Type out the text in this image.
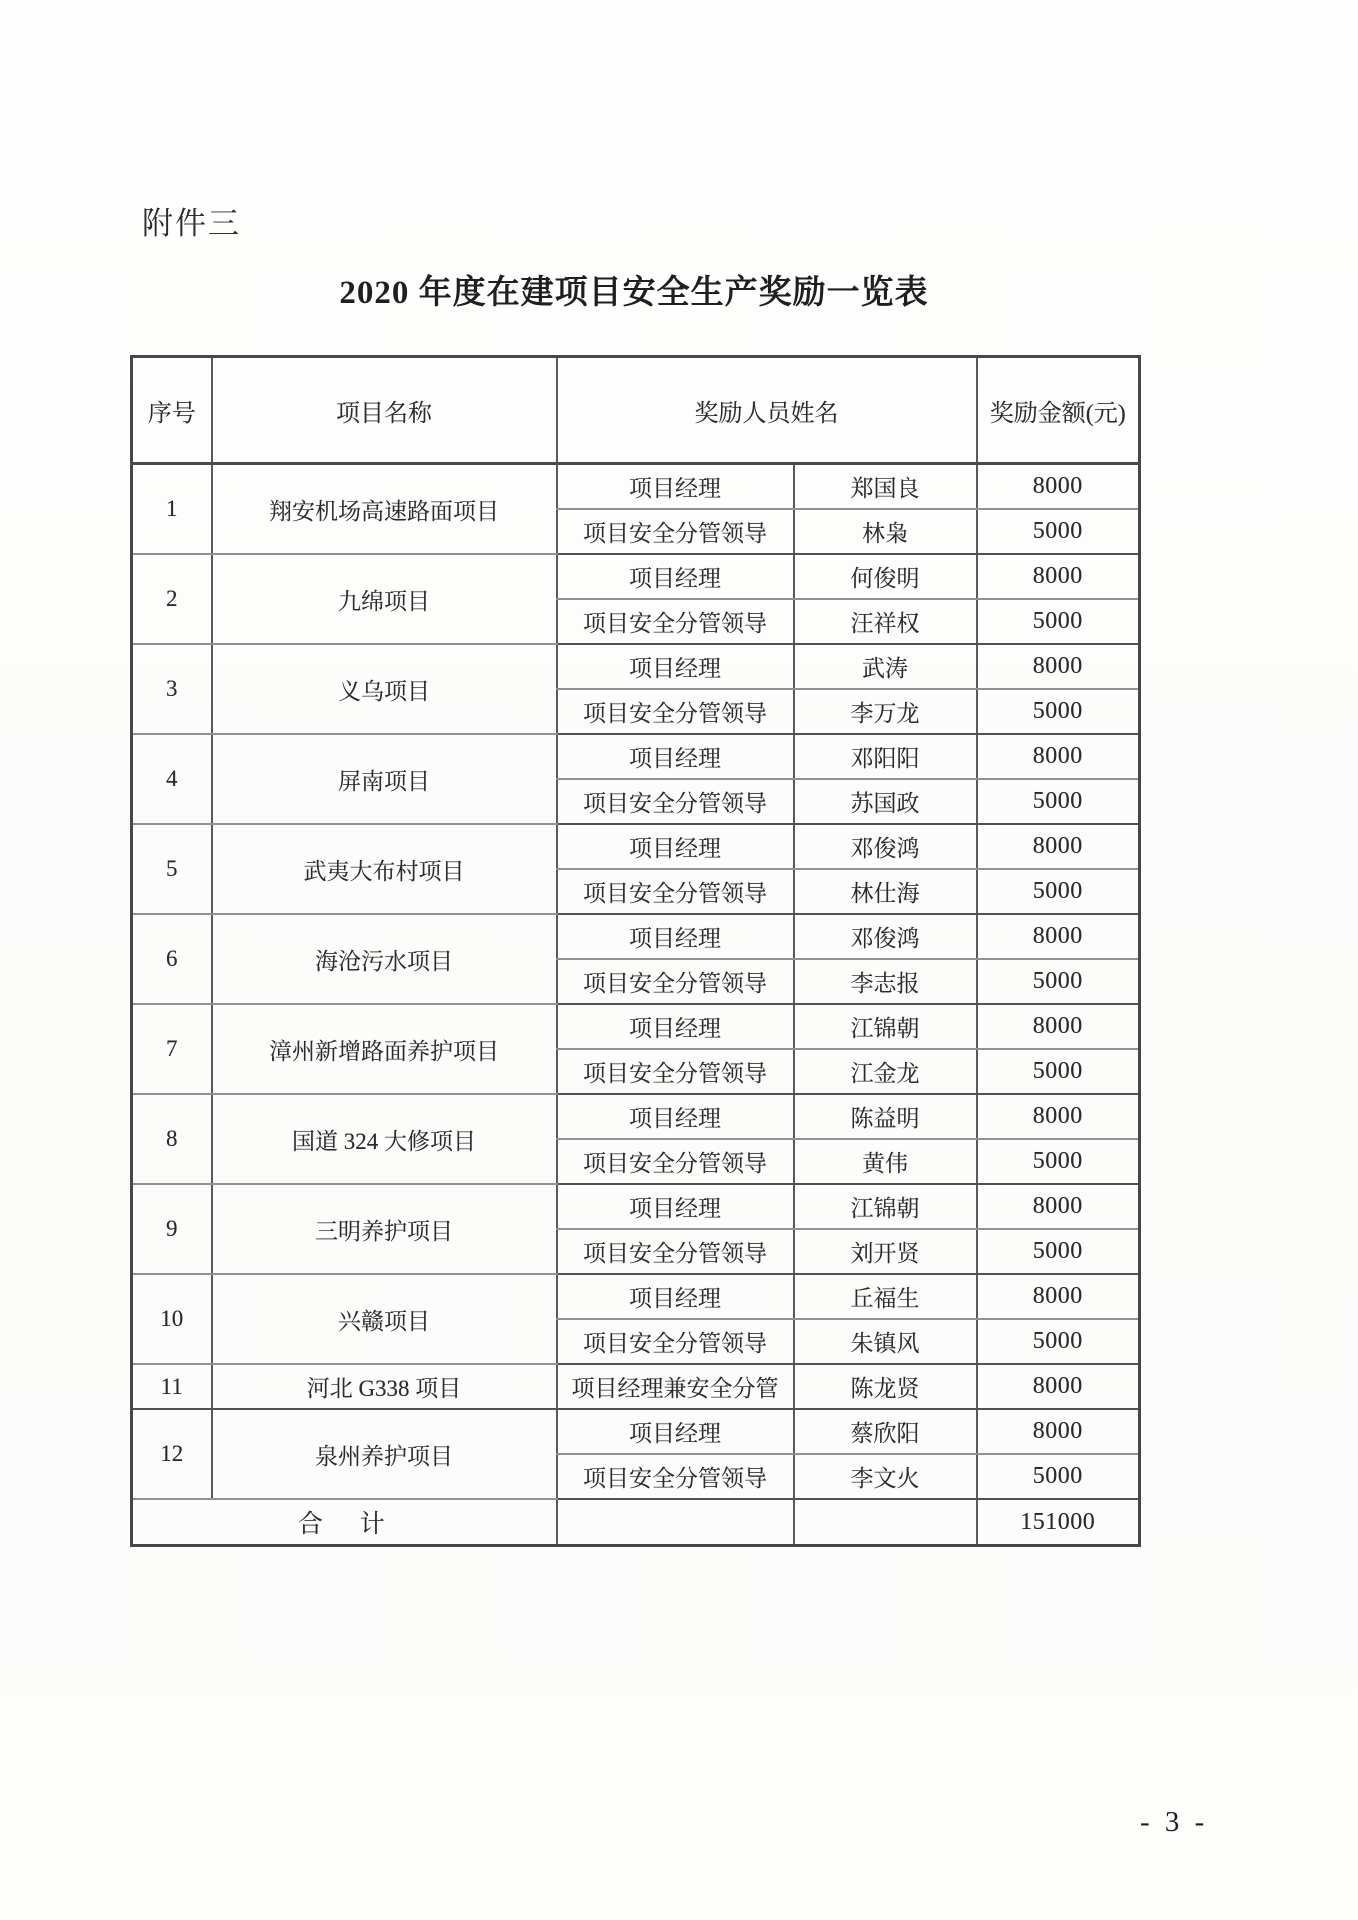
附件三
2020 年度在建项目安全生产奖励一览表
序号	项目名称	奖励人员姓名		奖励金额(元)
1	翔安机场高速路面项目	项目经理	郑国良	8000
		项目安全分管领导	林枭	5000
2	九绵项目	项目经理	何俊明	8000
		项目安全分管领导	汪祥权	5000
3	义乌项目	项目经理	武涛	8000
		项目安全分管领导	李万龙	5000
4	屏南项目	项目经理	邓阳阳	8000
		项目安全分管领导	苏国政	5000
5	武夷大布村项目	项目经理	邓俊鸿	8000
		项目安全分管领导	林仕海	5000
6	海沧污水项目	项目经理	邓俊鸿	8000
		项目安全分管领导	李志报	5000
7	漳州新增路面养护项目	项目经理	江锦朝	8000
		项目安全分管领导	江金龙	5000
8	国道 324 大修项目	项目经理	陈益明	8000
		项目安全分管领导	黄伟	5000
9	三明养护项目	项目经理	江锦朝	8000
		项目安全分管领导	刘开贤	5000
10	兴赣项目	项目经理	丘福生	8000
		项目安全分管领导	朱镇风	5000
11	河北 G338 项目	项目经理兼安全分管	陈龙贤	8000
12	泉州养护项目	项目经理	蔡欣阳	8000
		项目安全分管领导	李文火	5000
合　计				151000
- 3 -
